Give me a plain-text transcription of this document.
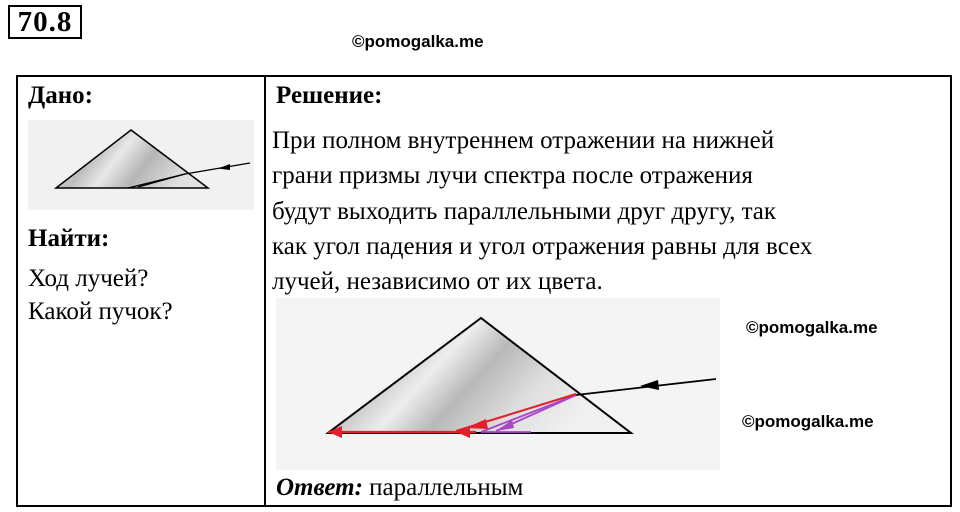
70.8
©pomogalka.me
©pomogalka.me
©pomogalka.me
Дано:
Найти:
Ход лучей?
Какой пучок?
Решение:
При полном внутреннем отражении на нижней
грани призмы лучи спектра после отражения
будут выходить параллельными друг другу, так
как угол падения и угол отражения равны для всех
лучей, независимо от их цвета.
Ответ: параллельным
